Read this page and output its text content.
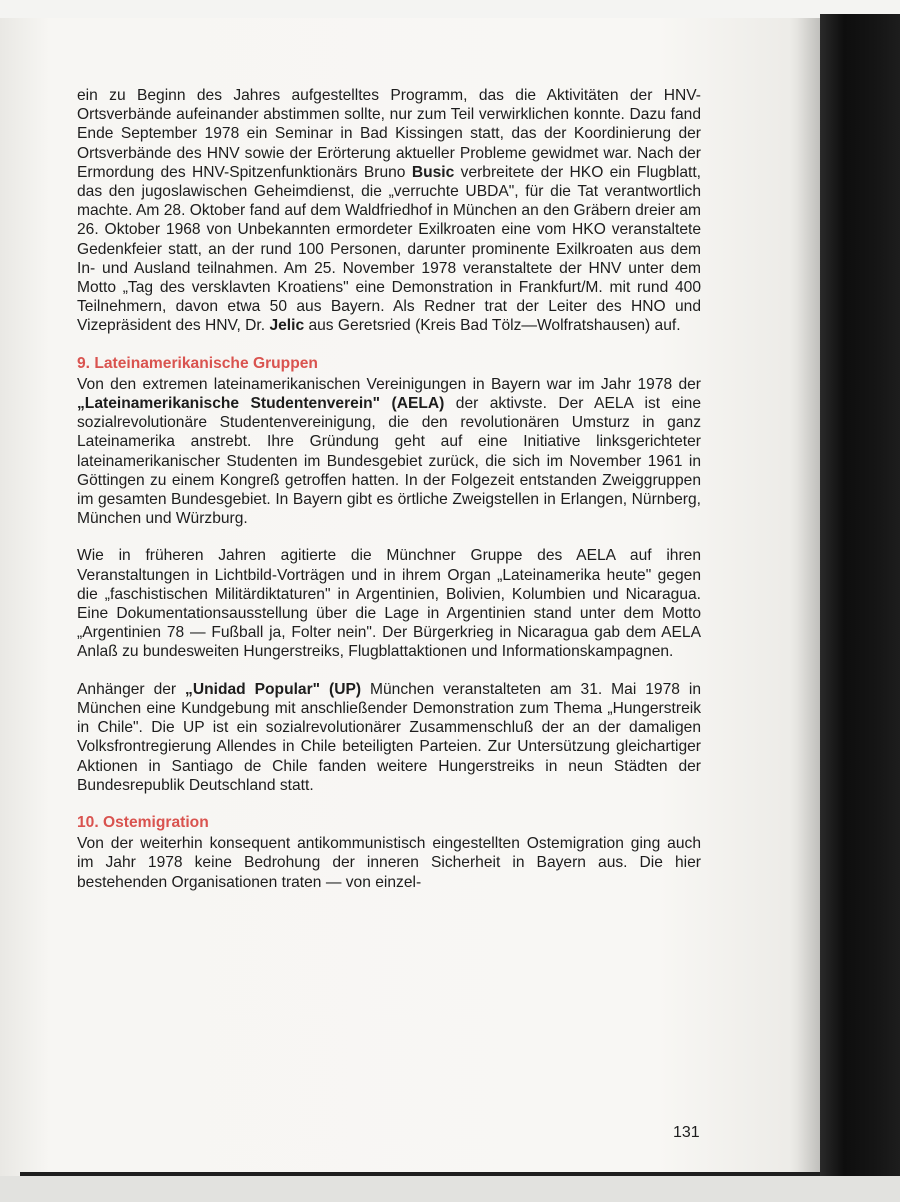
ein zu Beginn des Jahres aufgestelltes Programm, das die Aktivitäten der HNV-Ortsverbände aufeinander abstimmen sollte, nur zum Teil verwirklichen konnte. Dazu fand Ende September 1978 ein Seminar in Bad Kissingen statt, das der Koordinierung der Ortsverbände des HNV sowie der Erörterung aktueller Probleme gewidmet war. Nach der Ermordung des HNV-Spitzenfunktionärs Bruno Busic verbreitete der HKO ein Flugblatt, das den jugoslawischen Geheimdienst, die „verruchte UBDA", für die Tat verantwortlich machte. Am 28. Oktober fand auf dem Waldfriedhof in München an den Gräbern dreier am 26. Oktober 1968 von Unbekannten ermordeter Exilkroaten eine vom HKO veranstaltete Gedenkfeier statt, an der rund 100 Personen, darunter prominente Exilkroaten aus dem In- und Ausland teilnahmen. Am 25. November 1978 veranstaltete der HNV unter dem Motto „Tag des versklavten Kroatiens" eine Demonstration in Frankfurt/M. mit rund 400 Teilnehmern, davon etwa 50 aus Bayern. Als Redner trat der Leiter des HNO und Vizepräsident des HNV, Dr. Jelic aus Geretsried (Kreis Bad Tölz—Wolfratshausen) auf.

9. Lateinamerikanische Gruppen

Von den extremen lateinamerikanischen Vereinigungen in Bayern war im Jahr 1978 der „Lateinamerikanische Studentenverein" (AELA) der aktivste. Der AELA ist eine sozialrevolutionäre Studentenvereinigung, die den revolutionären Umsturz in ganz Lateinamerika anstrebt. Ihre Gründung geht auf eine Initiative linksgerichteter lateinamerikanischer Studenten im Bundesgebiet zurück, die sich im November 1961 in Göttingen zu einem Kongreß getroffen hatten. In der Folgezeit entstanden Zweiggruppen im gesamten Bundesgebiet. In Bayern gibt es örtliche Zweigstellen in Erlangen, Nürnberg, München und Würzburg.

Wie in früheren Jahren agitierte die Münchner Gruppe des AELA auf ihren Veranstaltungen in Lichtbild-Vorträgen und in ihrem Organ „Lateinamerika heute" gegen die „faschistischen Militärdiktaturen" in Argentinien, Bolivien, Kolumbien und Nicaragua. Eine Dokumentationsausstellung über die Lage in Argentinien stand unter dem Motto „Argentinien 78 — Fußball ja, Folter nein". Der Bürgerkrieg in Nicaragua gab dem AELA Anlaß zu bundesweiten Hungerstreiks, Flugblattaktionen und Informationskampagnen.

Anhänger der „Unidad Popular" (UP) München veranstalteten am 31. Mai 1978 in München eine Kundgebung mit anschließender Demonstration zum Thema „Hungerstreik in Chile". Die UP ist ein sozialrevolutionärer Zusammenschluß der an der damaligen Volksfrontregierung Allendes in Chile beteiligten Parteien. Zur Untersützung gleichartiger Aktionen in Santiago de Chile fanden weitere Hungerstreiks in neun Städten der Bundesrepublik Deutschland statt.

10. Ostemigration

Von der weiterhin konsequent antikommunistisch eingestellten Ostemigration ging auch im Jahr 1978 keine Bedrohung der inneren Sicherheit in Bayern aus. Die hier bestehenden Organisationen traten — von einzel-

131
